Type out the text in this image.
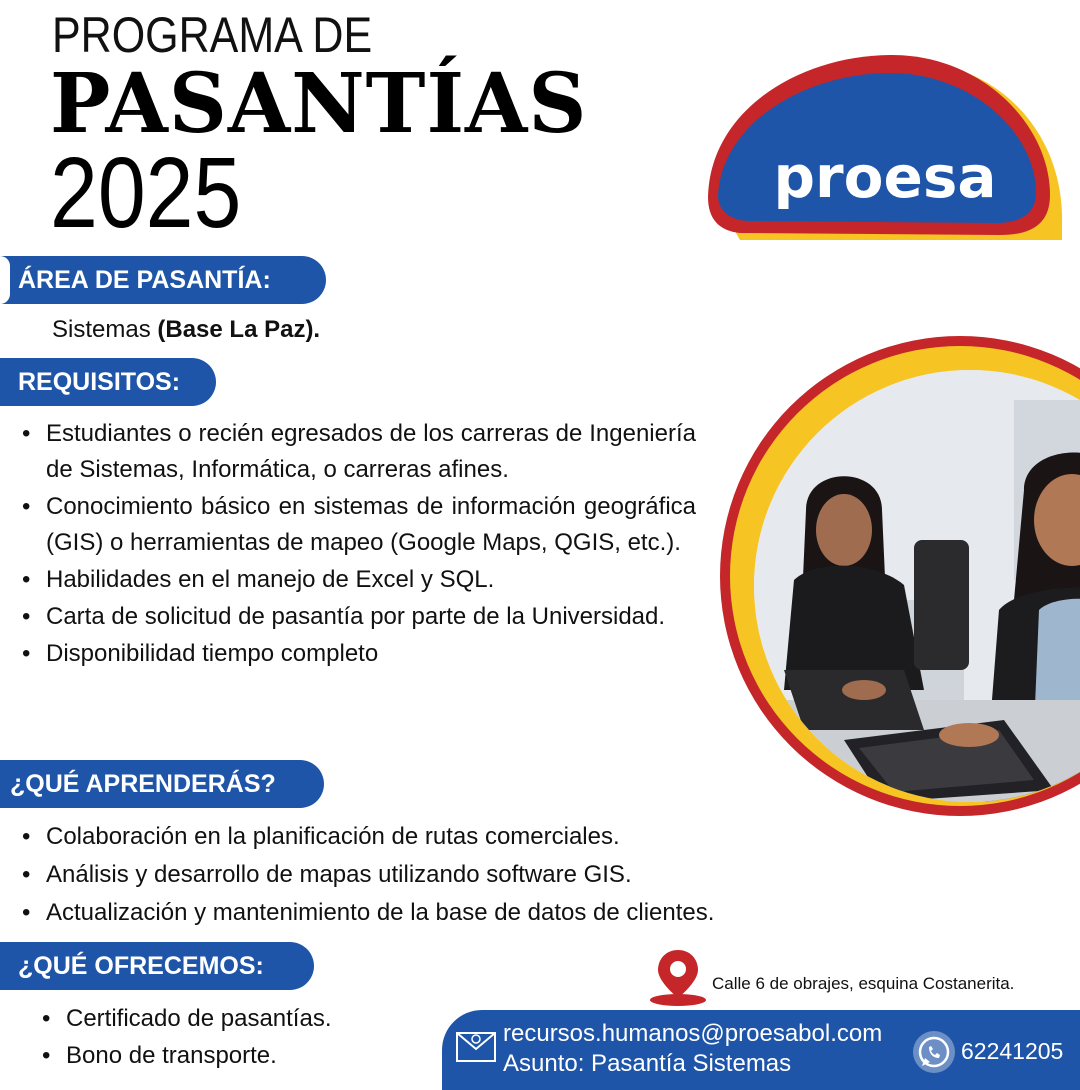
PROGRAMA DE
PASANTÍAS
2025	proesa
ÁREA DE PASANTÍA:
Sistemas (Base La Paz).
REQUISITOS:
• Estudiantes o recién egresados de los carreras de Ingeniería de Sistemas, Informática, o carreras afines.
• Conocimiento básico en sistemas de información geográfica (GIS) o herramientas de mapeo (Google Maps, QGIS, etc.).
• Habilidades en el manejo de Excel y SQL.
• Carta de solicitud de pasantía por parte de la Universidad.
• Disponibilidad tiempo completo
¿QUÉ APRENDERÁS?
• Colaboración en la planificación de rutas comerciales.
• Análisis y desarrollo de mapas utilizando software GIS.
• Actualización y mantenimiento de la base de datos de clientes.
¿QUÉ OFRECEMOS:
• Certificado de pasantías.
• Bono de transporte.
Calle 6 de obrajes, esquina Costanerita.
recursos.humanos@proesabol.com
Asunto: Pasantía Sistemas	62241205
